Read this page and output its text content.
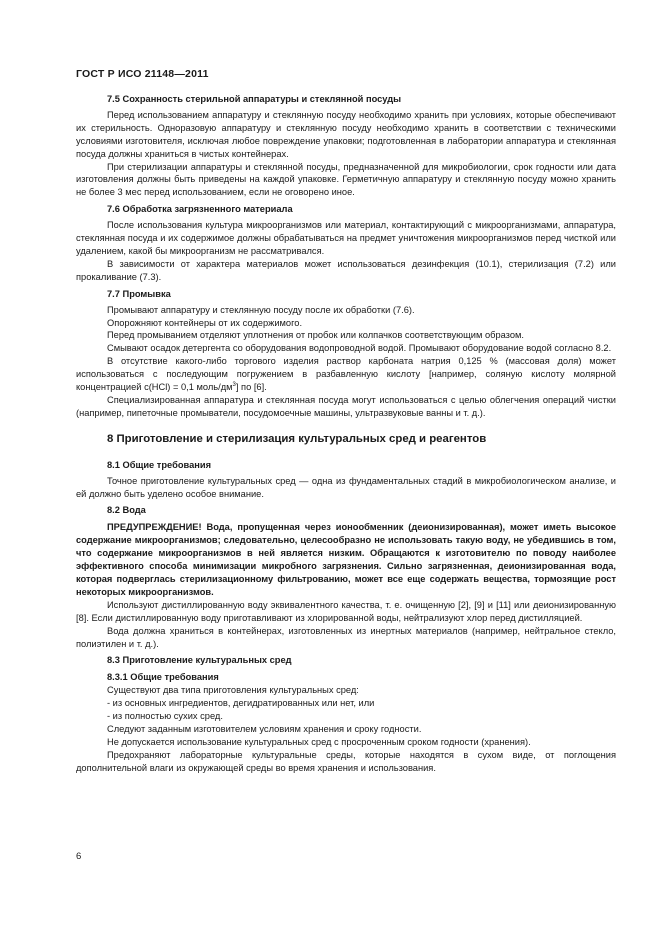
ГОСТ Р ИСО 21148—2011
7.5 Сохранность стерильной аппаратуры и стеклянной посуды

Перед использованием аппаратуру и стеклянную посуду необходимо хранить при условиях, которые обеспечивают их стерильность. Одноразовую аппаратуру и стеклянную посуду необходимо хранить в соответствии с техническими условиями изготовителя, исключая любое повреждение упаковки; подготовленная в лаборатории аппаратура и стеклянная посуда должны храниться в чистых контейнерах.

При стерилизации аппаратуры и стеклянной посуды, предназначенной для микробиологии, срок годности или дата изготовления должны быть приведены на каждой упаковке. Герметичную аппаратуру и стеклянную посуду можно хранить не более 3 мес перед использованием, если не оговорено иное.

7.6 Обработка загрязненного материала

После использования культура микроорганизмов или материал, контактирующий с микроорганизмами, аппаратура, стеклянная посуда и их содержимое должны обрабатываться на предмет уничтожения микроорганизмов перед чисткой или удалением, какой бы микроорганизм не рассматривался.

В зависимости от характера материалов может использоваться дезинфекция (10.1), стерилизация (7.2) или прокаливание (7.3).

7.7 Промывка

Промывают аппаратуру и стеклянную посуду после их обработки (7.6).

Опорожняют контейнеры от их содержимого.

Перед промыванием отделяют уплотнения от пробок или колпачков соответствующим образом.

Смывают осадок детергента со оборудования водопроводной водой. Промывают оборудование водой согласно 8.2.

В отсутствие какого-либо торгового изделия раствор карбоната натрия 0,125 % (массовая доля) может использоваться с последующим погружением в разбавленную кислоту [например, соляную кислоту молярной концентрацией c(HCl) = 0,1 моль/$дм^3$] по [6].

Специализированная аппаратура и стеклянная посуда могут использоваться с целью облегчения операций чистки (например, пипеточные промыватели, посудомоечные машины, ультразвуковые ванны и т. д.).

8 Приготовление и стерилизация культуральных сред и реагентов
8.1 Общие требования

Точное приготовление культуральных сред — одна из фундаментальных стадий в микробиологическом анализе, и ей должно быть уделено особое внимание.

8.2 Вода

ПРЕДУПРЕЖДЕНИЕ! Вода, пропущенная через ионообменник (деионизированная), может иметь высокое содержание микроорганизмов; следовательно, целесообразно не использовать такую воду, не убедившись в том, что содержание микроорганизмов в ней является низким. Обращаются к изготовителю по поводу наиболее эффективного способа минимизации микробного загрязнения. Сильно загрязненная, деионизированная вода, которая подверглась стерилизационному фильтрованию, может все еще содержать вещества, тормозящие рост некоторых микроорганизмов.

Используют дистиллированную воду эквивалентного качества, т. е. очищенную [2], [9] и [11] или деионизированную [8]. Если дистиллированную воду приготавливают из хлорированной воды, нейтрализуют хлор перед дистилляцией.

Вода должна храниться в контейнерах, изготовленных из инертных материалов (например, нейтральное стекло, полиэтилен и т. д.).

8.3 Приготовление культуральных сред
8.3.1 Общие требования

Существуют два типа приготовления культуральных сред:

- из основных ингредиентов, дегидратированных или нет, или
- из полностью сухих сред.

Следуют заданным изготовителем условиям хранения и сроку годности.

Не допускается использование культуральных сред с просроченным сроком годности (хранения).

Предохраняют лабораторные культуральные среды, которые находятся в сухом виде, от поглощения дополнительной влаги из окружающей среды во время хранения и использования.

6
